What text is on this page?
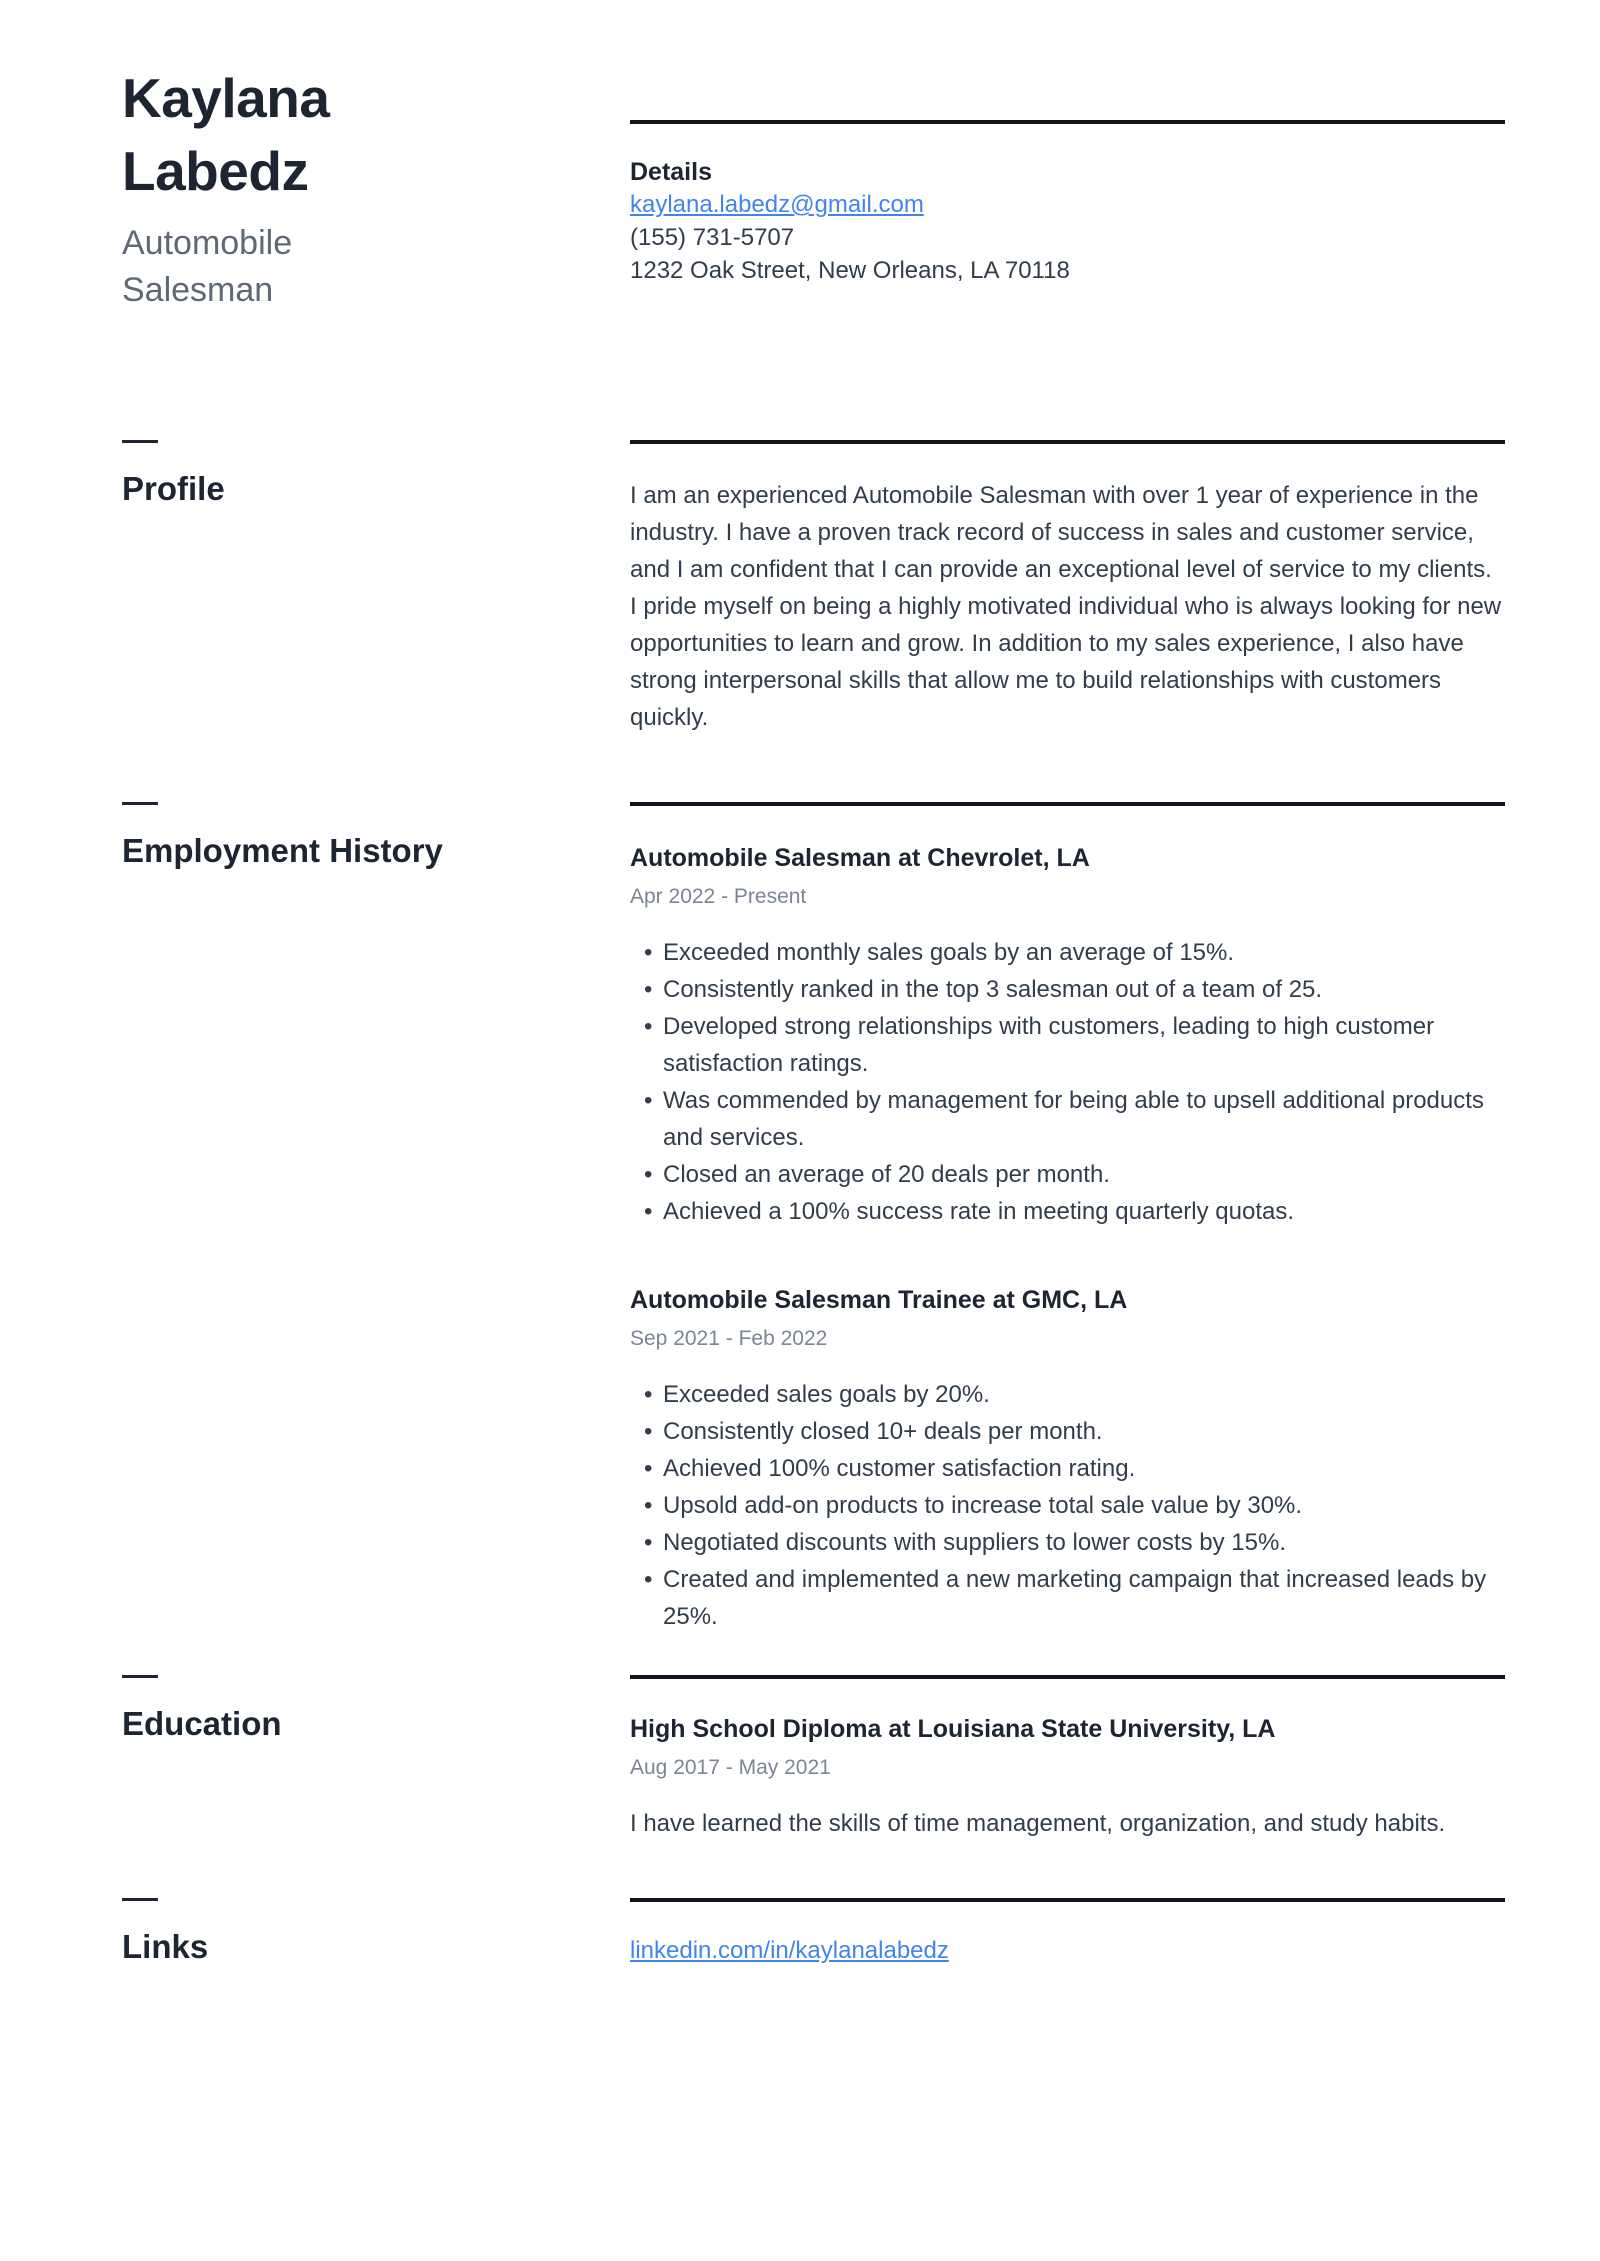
Kaylana Labedz
Automobile Salesman
Details
kaylana.labedz@gmail.com
(155) 731-5707
1232 Oak Street, New Orleans, LA 70118
Profile	I am an experienced Automobile Salesman with over 1 year of experience in the industry. I have a proven track record of success in sales and customer service, and I am confident that I can provide an exceptional level of service to my clients. I pride myself on being a highly motivated individual who is always looking for new opportunities to learn and grow. In addition to my sales experience, I also have strong interpersonal skills that allow me to build relationships with customers quickly.

Employment History	Automobile Salesman at Chevrolet, LA
Apr 2022 - Present
• Exceeded monthly sales goals by an average of 15%.
• Consistently ranked in the top 3 salesman out of a team of 25.
• Developed strong relationships with customers, leading to high customer satisfaction ratings.
• Was commended by management for being able to upsell additional products and services.
• Closed an average of 20 deals per month.
• Achieved a 100% success rate in meeting quarterly quotas.
Automobile Salesman Trainee at GMC, LA
Sep 2021 - Feb 2022
• Exceeded sales goals by 20%.
• Consistently closed 10+ deals per month.
• Achieved 100% customer satisfaction rating.
• Upsold add-on products to increase total sale value by 30%.
• Negotiated discounts with suppliers to lower costs by 15%.
• Created and implemented a new marketing campaign that increased leads by 25%.
Education	High School Diploma at Louisiana State University, LA
Aug 2017 - May 2021

I have learned the skills of time management, organization, and study habits.

Links	linkedin.com/in/kaylanalabedz
